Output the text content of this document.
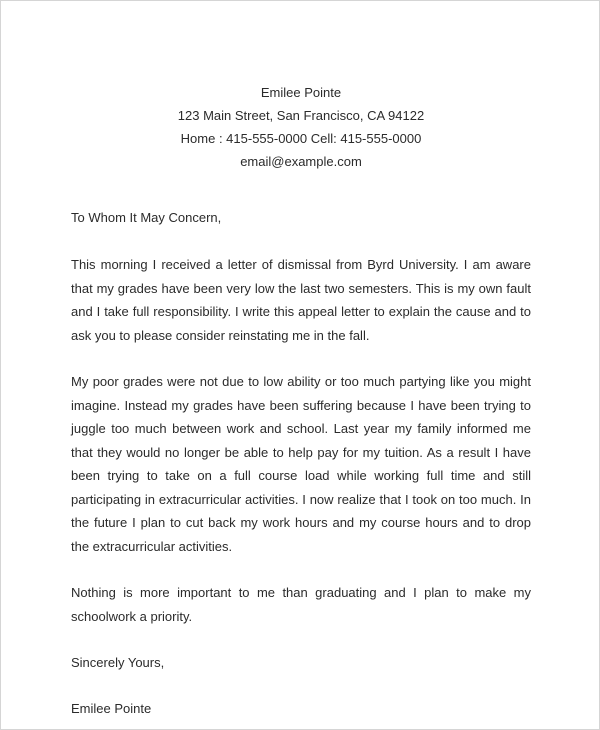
Emilee Pointe
123 Main Street, San Francisco, CA 94122
Home : 415-555-0000 Cell: 415-555-0000
email@example.com
To Whom It May Concern,

This morning I received a letter of dismissal from Byrd University. I am aware that my grades have been very low the last two semesters. This is my own fault and I take full responsibility. I write this appeal letter to explain the cause and to ask you to please consider reinstating me in the fall.

My poor grades were not due to low ability or too much partying like you might imagine. Instead my grades have been suffering because I have been trying to juggle too much between work and school. Last year my family informed me that they would no longer be able to help pay for my tuition. As a result I have been trying to take on a full course load while working full time and still participating in extracurricular activities. I now realize that I took on too much. In the future I plan to cut back my work hours and my course hours and to drop the extracurricular activities.

Nothing is more important to me than graduating and I plan to make my schoolwork a priority.

Sincerely Yours,

Emilee Pointe
